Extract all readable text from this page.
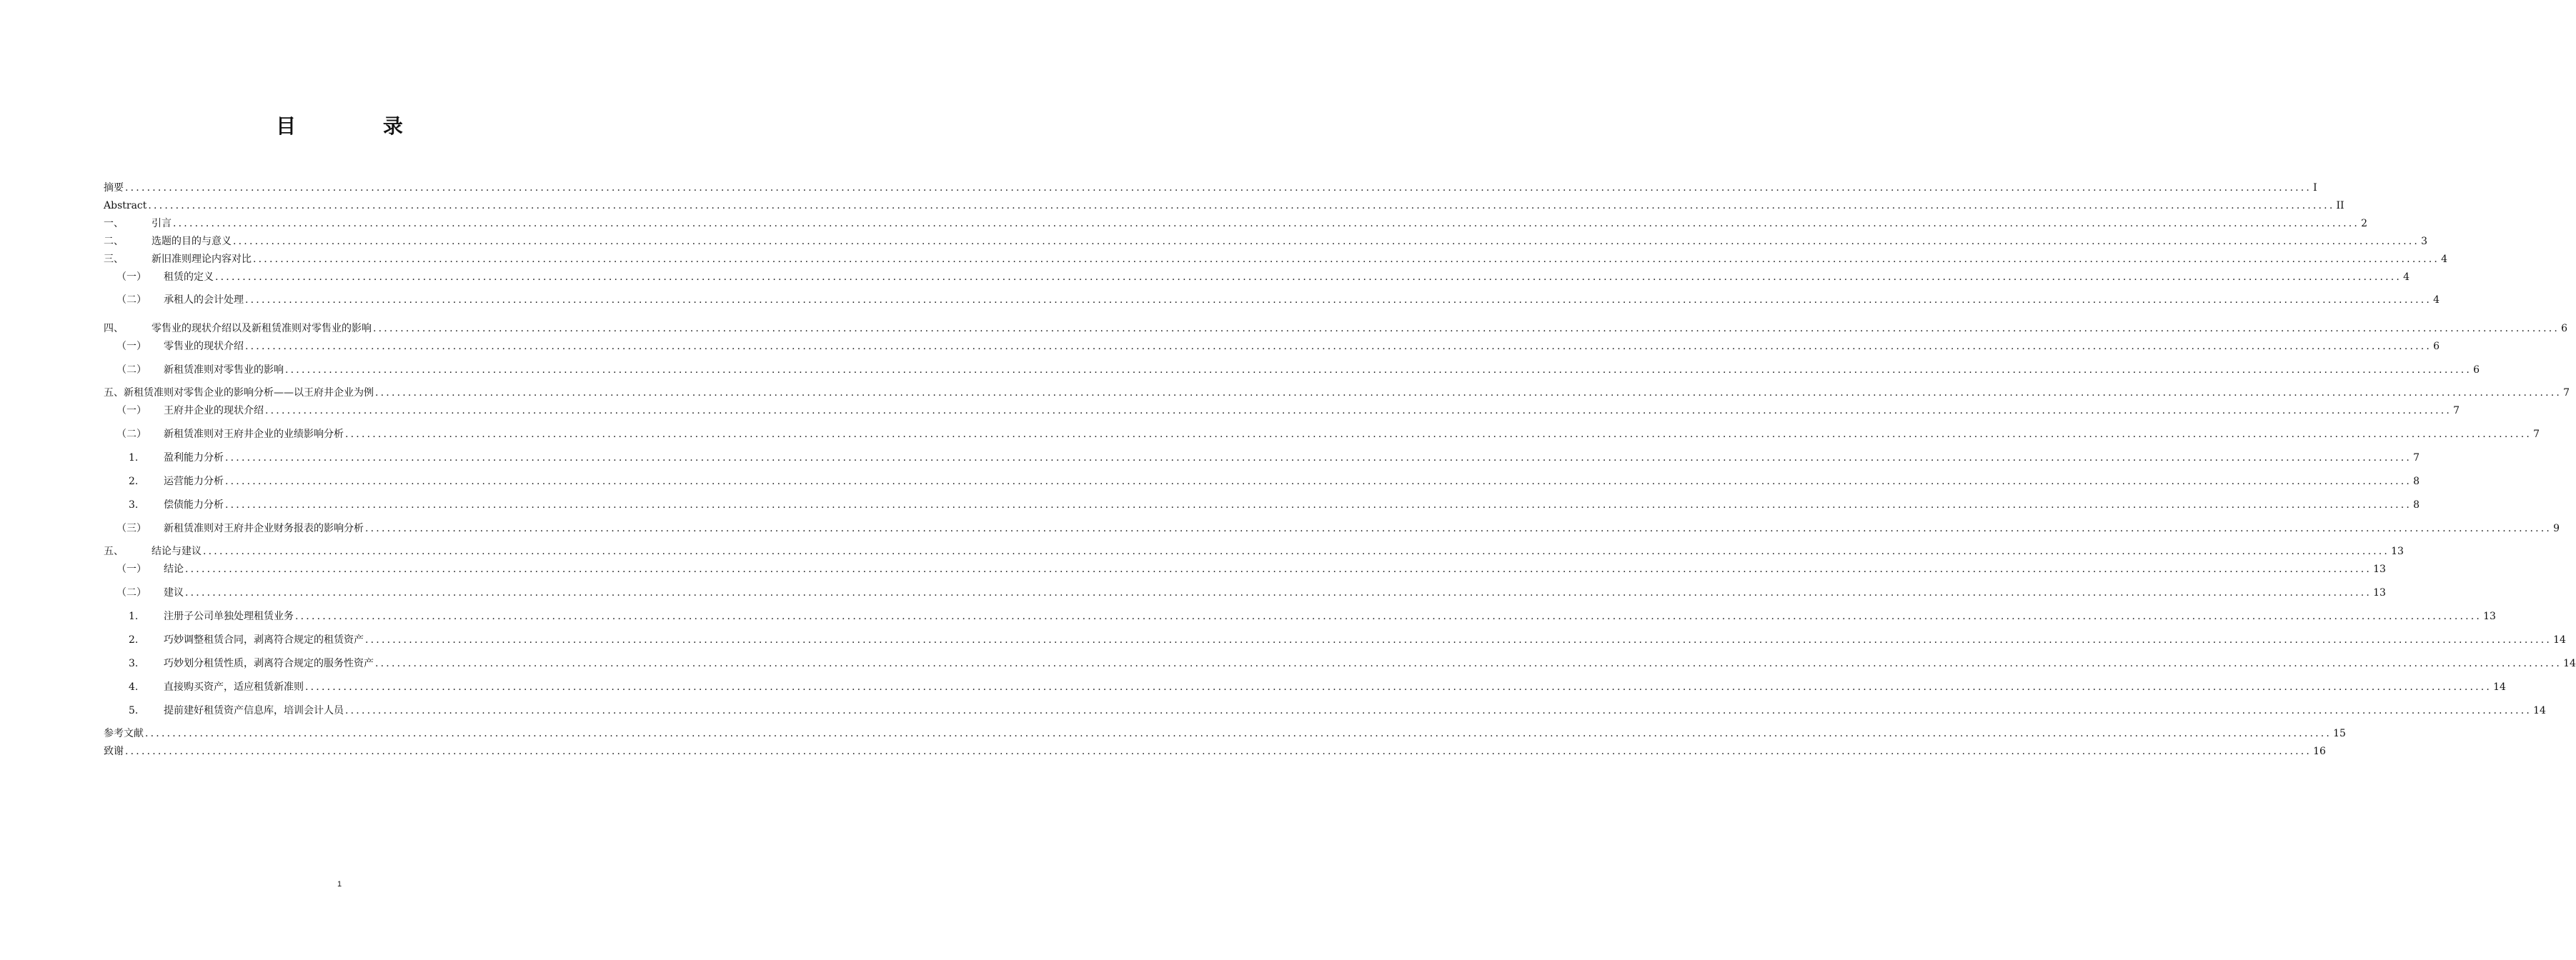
目 录
摘要 ................................................................................................................................................................................................................................................................................................................................................................................................................ I
Abstract ................................................................................................................................................................................................................................................................................................................................................................................................................ II
一、	引言 ................................................................................................................................................................................................................................................................................................................................................................................................................ 2
二、	选题的目的与意义 ................................................................................................................................................................................................................................................................................................................................................................................................................ 3
三、	新旧准则理论内容对比 ................................................................................................................................................................................................................................................................................................................................................................................................................ 4
（一）	租赁的定义 ................................................................................................................................................................................................................................................................................................................................................................................................................ 4
（二）	承租人的会计处理 ................................................................................................................................................................................................................................................................................................................................................................................................................ 4
四、	零售业的现状介绍以及新租赁准则对零售业的影响 ................................................................................................................................................................................................................................................................................................................................................................................................................ 6
（一）	零售业的现状介绍 ................................................................................................................................................................................................................................................................................................................................................................................................................ 6
（二）	新租赁准则对零售业的影响 ................................................................................................................................................................................................................................................................................................................................................................................................................ 6
五、新租赁准则对零售企业的影响分析——以王府井企业为例 ................................................................................................................................................................................................................................................................................................................................................................................................................ 7
（一）	王府井企业的现状介绍 ................................................................................................................................................................................................................................................................................................................................................................................................................ 7
（二）	新租赁准则对王府井企业的业绩影响分析 ................................................................................................................................................................................................................................................................................................................................................................................................................ 7
1.	盈利能力分析 ................................................................................................................................................................................................................................................................................................................................................................................................................ 7
2.	运营能力分析 ................................................................................................................................................................................................................................................................................................................................................................................................................ 8
3.	偿债能力分析 ................................................................................................................................................................................................................................................................................................................................................................................................................ 8
（三）	新租赁准则对王府井企业财务报表的影响分析 ................................................................................................................................................................................................................................................................................................................................................................................................................ 9
五、	结论与建议 ................................................................................................................................................................................................................................................................................................................................................................................................................ 13
（一）	结论 ................................................................................................................................................................................................................................................................................................................................................................................................................ 13
（二）	建议 ................................................................................................................................................................................................................................................................................................................................................................................................................ 13
1.	注册子公司单独处理租赁业务 ................................................................................................................................................................................................................................................................................................................................................................................................................ 13
2.	巧妙调整租赁合同，剥离符合规定的租赁资产 ................................................................................................................................................................................................................................................................................................................................................................................................................ 14
3.	巧妙划分租赁性质，剥离符合规定的服务性资产 ................................................................................................................................................................................................................................................................................................................................................................................................................ 14
4.	直接购买资产，适应租赁新准则 ................................................................................................................................................................................................................................................................................................................................................................................................................ 14
5.	提前建好租赁资产信息库，培训会计人员 ................................................................................................................................................................................................................................................................................................................................................................................................................ 14
参考文献 ................................................................................................................................................................................................................................................................................................................................................................................................................ 15
致谢 ................................................................................................................................................................................................................................................................................................................................................................................................................ 16
1
